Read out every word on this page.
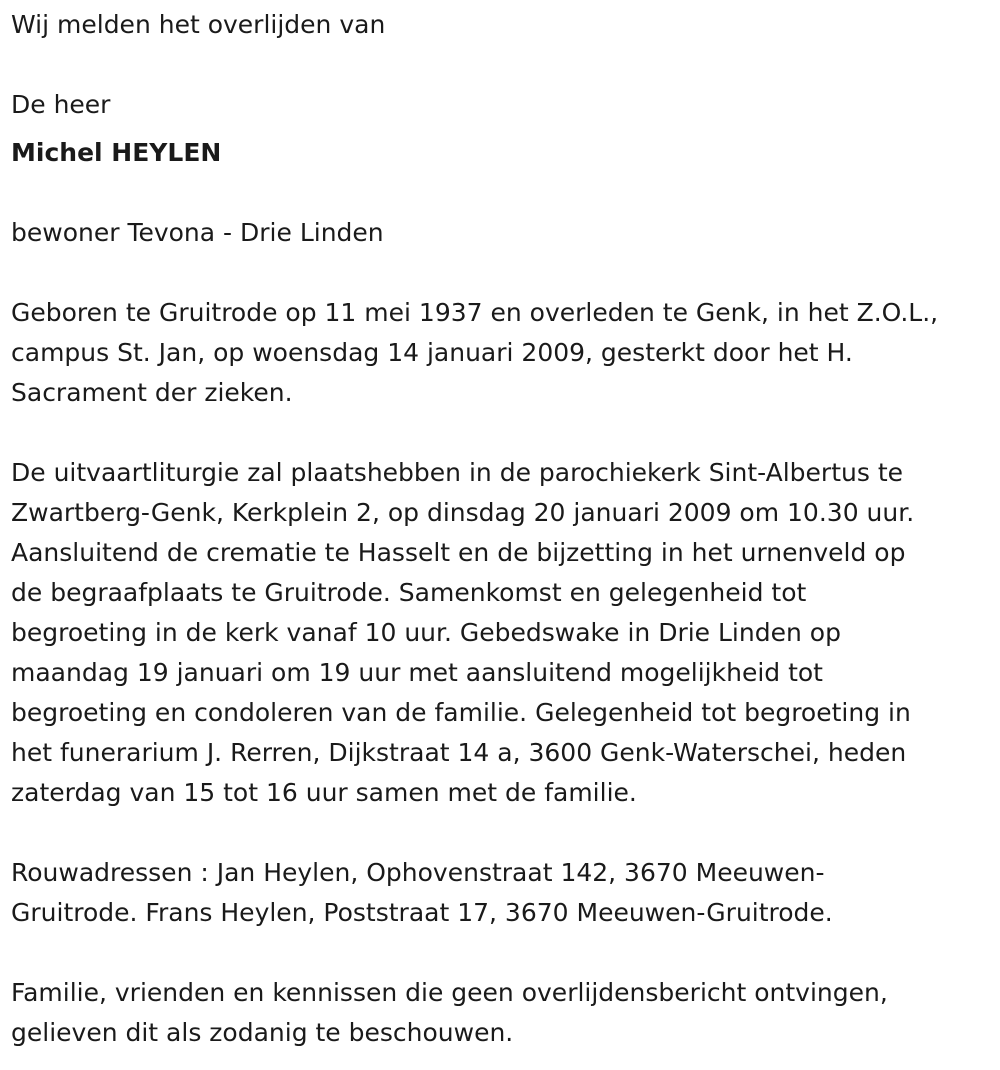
Wij melden het overlijden van

De heer

Michel HEYLEN

bewoner Tevona - Drie Linden

Geboren te Gruitrode op 11 mei 1937 en overleden te Genk, in het Z.O.L.,
campus St. Jan, op woensdag 14 januari 2009, gesterkt door het H.
Sacrament der zieken.

De uitvaartliturgie zal plaatshebben in de parochiekerk Sint-Albertus te
Zwartberg-Genk, Kerkplein 2, op dinsdag 20 januari 2009 om 10.30 uur.
Aansluitend de crematie te Hasselt en de bijzetting in het urnenveld op
de begraafplaats te Gruitrode. Samenkomst en gelegenheid tot
begroeting in de kerk vanaf 10 uur. Gebedswake in Drie Linden op
maandag 19 januari om 19 uur met aansluitend mogelijkheid tot
begroeting en condoleren van de familie. Gelegenheid tot begroeting in
het funerarium J. Rerren, Dijkstraat 14 a, 3600 Genk-Waterschei, heden
zaterdag van 15 tot 16 uur samen met de familie.

Rouwadressen : Jan Heylen, Ophovenstraat 142, 3670 Meeuwen-
Gruitrode. Frans Heylen, Poststraat 17, 3670 Meeuwen-Gruitrode.

Familie, vrienden en kennissen die geen overlijdensbericht ontvingen,
gelieven dit als zodanig te beschouwen.
